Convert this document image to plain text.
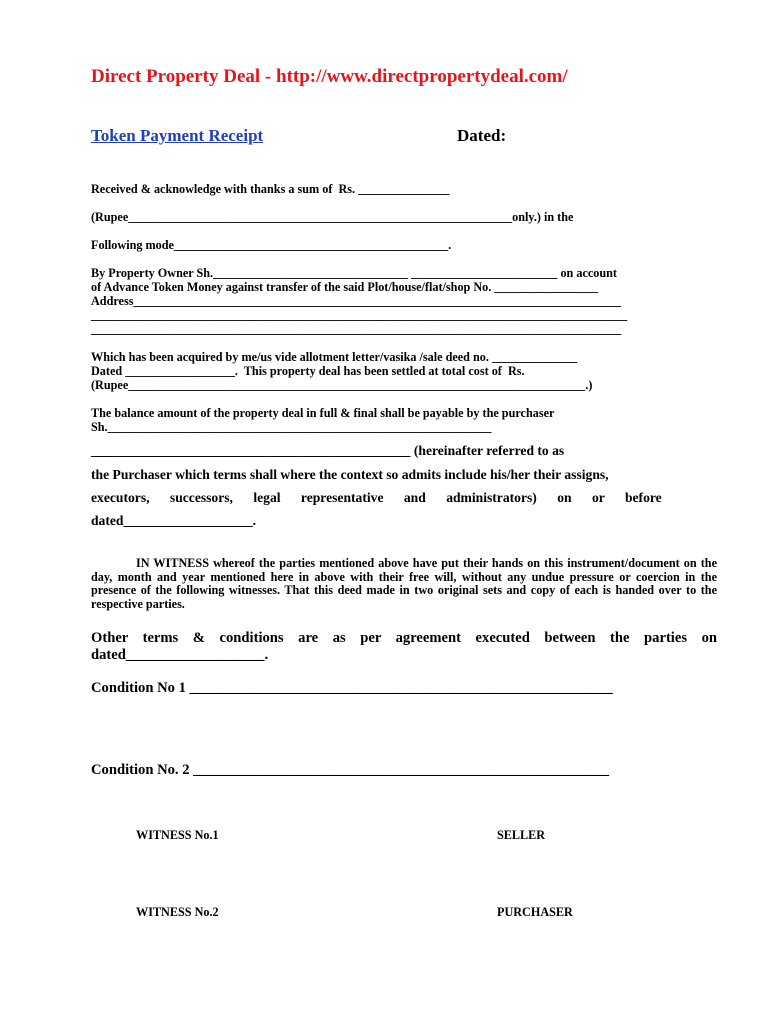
Direct Property Deal - http://www.directpropertydeal.com/
Token Payment Receipt	Dated:
Received & acknowledge with thanks a sum of  Rs. _______________
(Rupee_______________________________________________________________only.) in the
Following mode_____________________________________________.
By Property Owner Sh.________________________________ ________________________ on account
of Advance Token Money against transfer of the said Plot/house/flat/shop No. _________________
Address________________________________________________________________________________
________________________________________________________________________________________
_______________________________________________________________________________________
Which has been acquired by me/us vide allotment letter/vasika /sale deed no. ______________
Dated __________________.  This property deal has been settled at total cost of  Rs.
(Rupee___________________________________________________________________________.)
The balance amount of the property deal in full & final shall be payable by the purchaser
Sh._______________________________________________________________
_______________________________________________ (hereinafter referred to as
the Purchaser which terms shall where the context so admits include his/her their assigns,
executors, successors, legal representative and administrators) on or before
dated___________________.
IN WITNESS whereof the parties mentioned above have put their hands on this instrument/document on the day, month and year mentioned here in above with their free will, without any undue pressure or coercion in the presence of the following witnesses. That this deed made in two original sets and copy of each is handed over to the respective parties.
Other terms & conditions are as per agreement executed between the parties on dated___________________.
Condition No 1 __________________________________________________________
Condition No. 2 _________________________________________________________
WITNESS No.1	SELLER
WITNESS No.2	PURCHASER
